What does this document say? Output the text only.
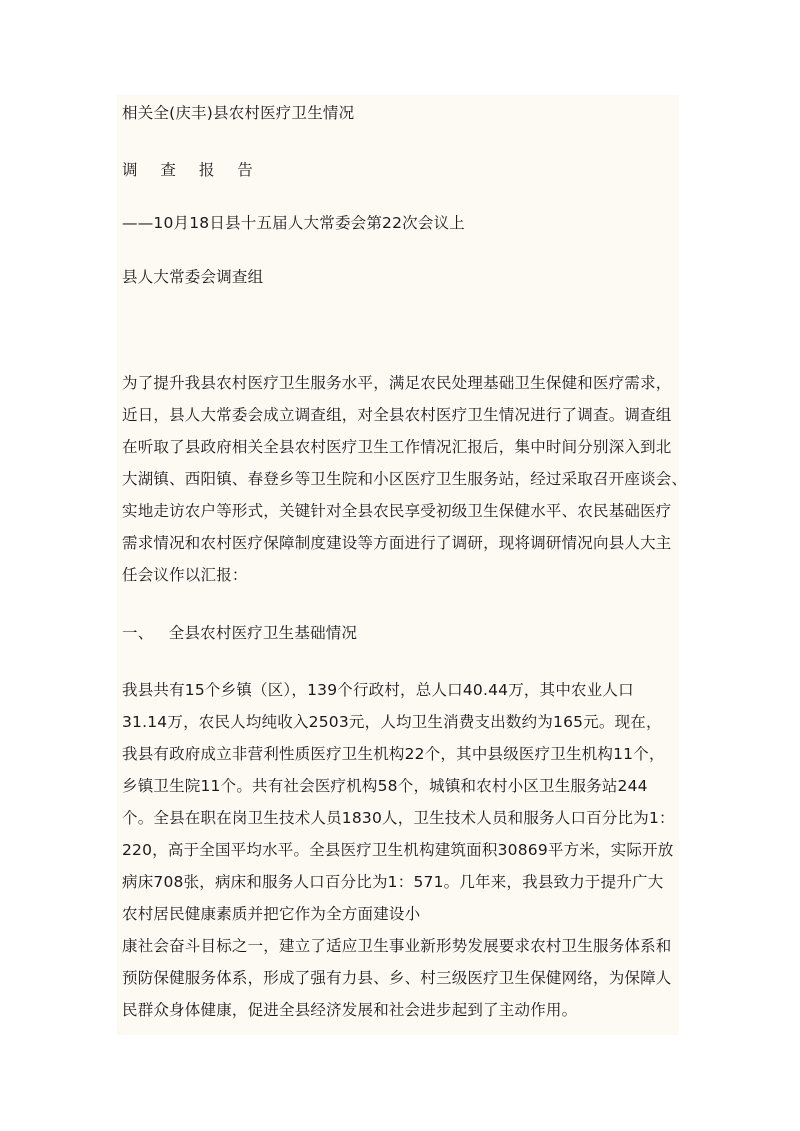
相关全(庆丰)县农村医疗卫生情况
调 查 报 告
——10月18日县十五届人大常委会第22次会议上
县人大常委会调查组
为了提升我县农村医疗卫生服务水平，满足农民处理基础卫生保健和医疗需求，
近日，县人大常委会成立调查组，对全县农村医疗卫生情况进行了调查。调查组
在听取了县政府相关全县农村医疗卫生工作情况汇报后，集中时间分别深入到北
大湖镇、西阳镇、春登乡等卫生院和小区医疗卫生服务站，经过采取召开座谈会、
实地走访农户等形式，关键针对全县农民享受初级卫生保健水平、农民基础医疗
需求情况和农村医疗保障制度建设等方面进行了调研，现将调研情况向县人大主
任会议作以汇报：
一、   全县农村医疗卫生基础情况
我县共有15个乡镇（区），139个行政村，总人口40.44万，其中农业人口
31.14万，农民人均纯收入2503元，人均卫生消费支出数约为165元。现在，
我县有政府成立非营利性质医疗卫生机构22个，其中县级医疗卫生机构11个，
乡镇卫生院11个。共有社会医疗机构58个，城镇和农村小区卫生服务站244
个。全县在职在岗卫生技术人员1830人，卫生技术人员和服务人口百分比为1：
220，高于全国平均水平。全县医疗卫生机构建筑面积30869平方米，实际开放
病床708张，病床和服务人口百分比为1：571。几年来，我县致力于提升广大
农村居民健康素质并把它作为全方面建设小
康社会奋斗目标之一，建立了适应卫生事业新形势发展要求农村卫生服务体系和
预防保健服务体系，形成了强有力县、乡、村三级医疗卫生保健网络，为保障人
民群众身体健康，促进全县经济发展和社会进步起到了主动作用。
